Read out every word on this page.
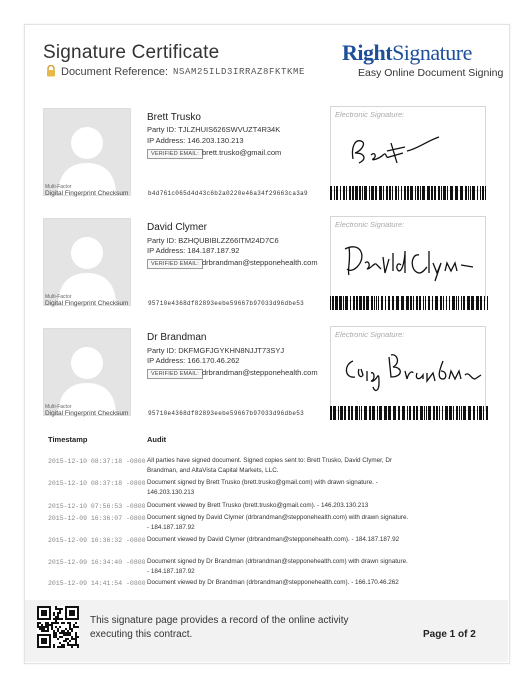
Signature Certificate
Document Reference: NSAM25ILD3IRRAZ8FKTKME
RightSignature
Easy Online Document Signing
Brett Trusko
Party ID: TJLZHUIS626SWVUZT4R34K
IP Address: 146.203.130.213
VERIFIED EMAIL: brett.trusko@gmail.com
Electronic Signature:
Multi-Factor
Digital Fingerprint Checksum	b4d761c065d4d43c6b2a0220e46a34f29663ca3a9
David Clymer
Party ID: BZHQUBIBLZZ66ITM24D7C6
IP Address: 184.187.187.92
VERIFIED EMAIL: drbrandman@stepponehealth.com
Electronic Signature:
Multi-Factor
Digital Fingerprint Checksum	95710e4368df82893eebe59667b97033d96dbe53
Dr Brandman
Party ID: DKFMGFJGYKHN8NJJT73SYJ
IP Address: 166.170.46.262
VERIFIED EMAIL: drbrandman@stepponehealth.com
Electronic Signature:
Multi-Factor
Digital Fingerprint Checksum	95710e4368df82893eebe59667b97033d96dbe53
Timestamp	Audit
2015-12-10 08:37:18 -0800 All parties have signed document. Signed copies sent to: Brett Trusko, David Clymer, Dr Brandman, and AltaVista Capital Markets, LLC.
2015-12-10 08:37:18 -0800 Document signed by Brett Trusko (brett.trusko@gmail.com) with drawn signature. - 146.203.130.213
2015-12-10 07:56:53 -0800 Document viewed by Brett Trusko (brett.trusko@gmail.com). - 146.203.130.213
2015-12-09 16:36:07 -0800 Document signed by David Clymer (drbrandman@stepponehealth.com) with drawn signature. - 184.187.187.92
2015-12-09 16:36:32 -0800 Document viewed by David Clymer (drbrandman@stepponehealth.com). - 184.187.187.92
2015-12-09 16:34:40 -0800 Document signed by Dr Brandman (drbrandman@stepponehealth.com) with drawn signature. - 184.187.187.92
2015-12-09 14:41:54 -0800 Document viewed by Dr Brandman (drbrandman@stepponehealth.com). - 166.170.46.262
This signature page provides a record of the online activity executing this contract.	Page 1 of 2
